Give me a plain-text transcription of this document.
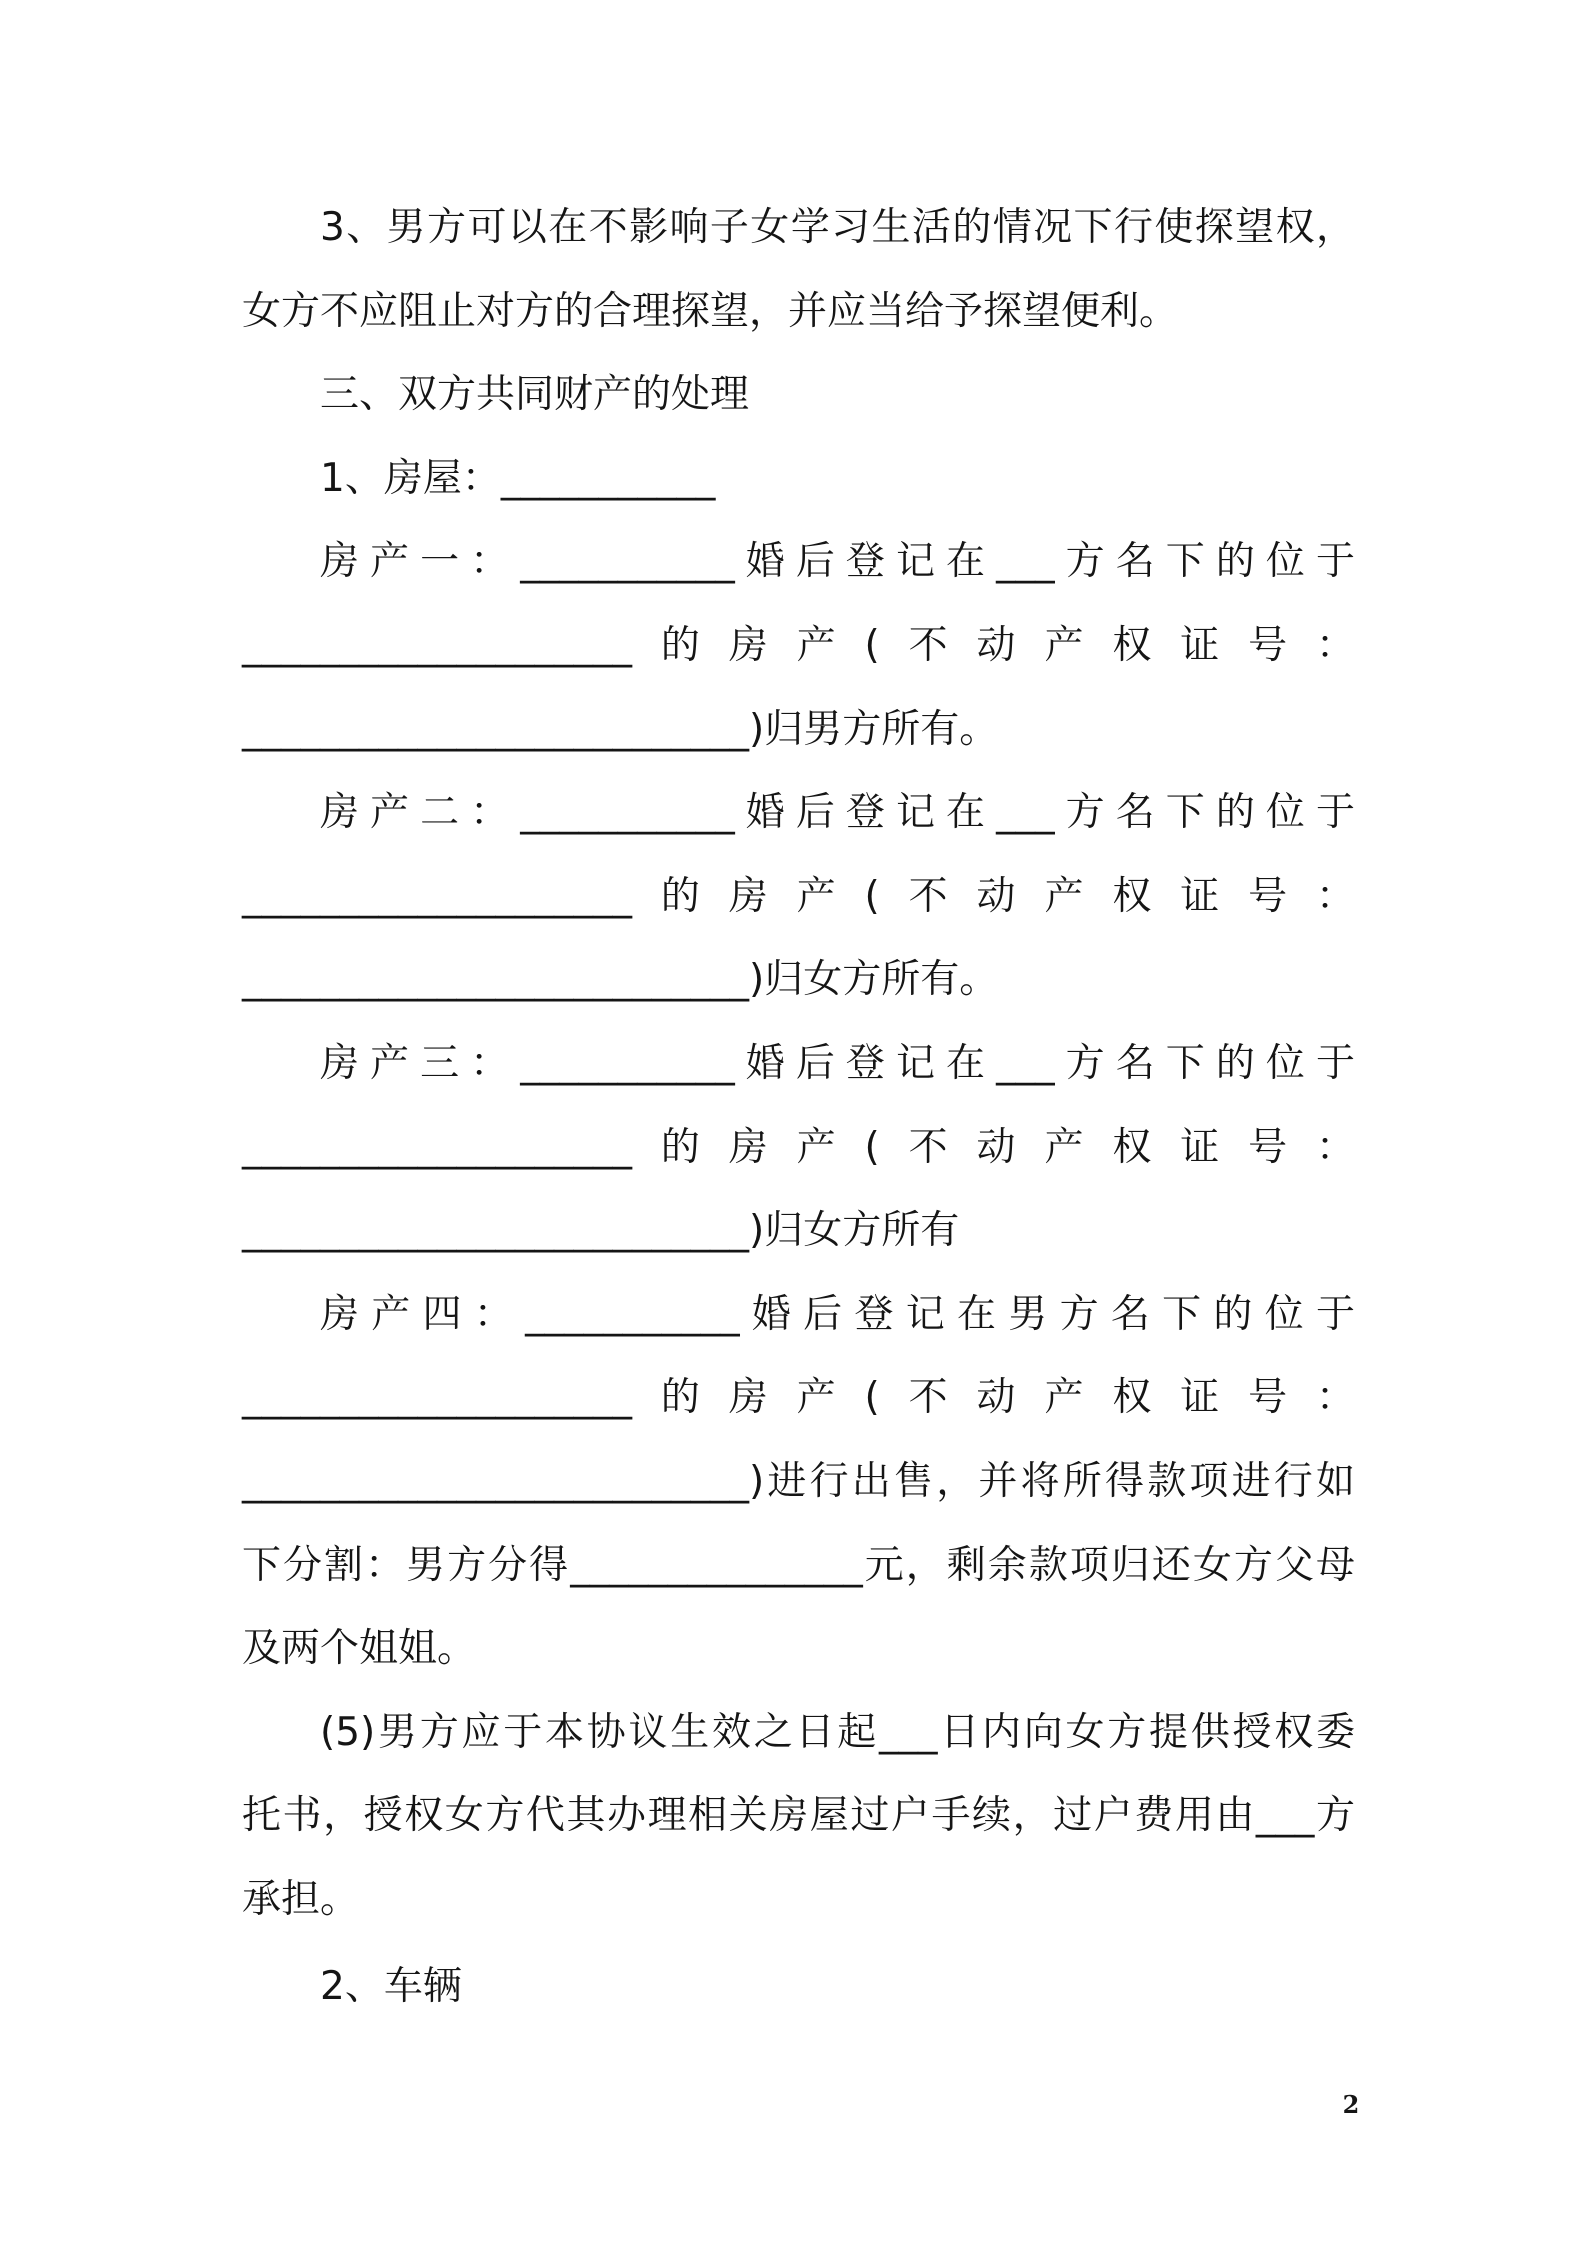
3、男方可以在不影响子女学习生活的情况下行使探望权，
女方不应阻止对方的合理探望，并应当给予探望便利。
三、双方共同财产的处理
1、房屋：___________
房产一：___________婚后登记在___方名下的位于
____________________的房产(不动产权证号：
__________________________)归男方所有。
房产二：___________婚后登记在___方名下的位于
____________________的房产(不动产权证号：
__________________________)归女方所有。
房产三：___________婚后登记在___方名下的位于
____________________的房产(不动产权证号：
__________________________)归女方所有
房产四：___________婚后登记在男方名下的位于
____________________的房产(不动产权证号：
__________________________)进行出售，并将所得款项进行如
下分割：男方分得_______________元，剩余款项归还女方父母
及两个姐姐。
(5)男方应于本协议生效之日起___日内向女方提供授权委
托书，授权女方代其办理相关房屋过户手续，过户费用由___方
承担。
2、车辆
2
